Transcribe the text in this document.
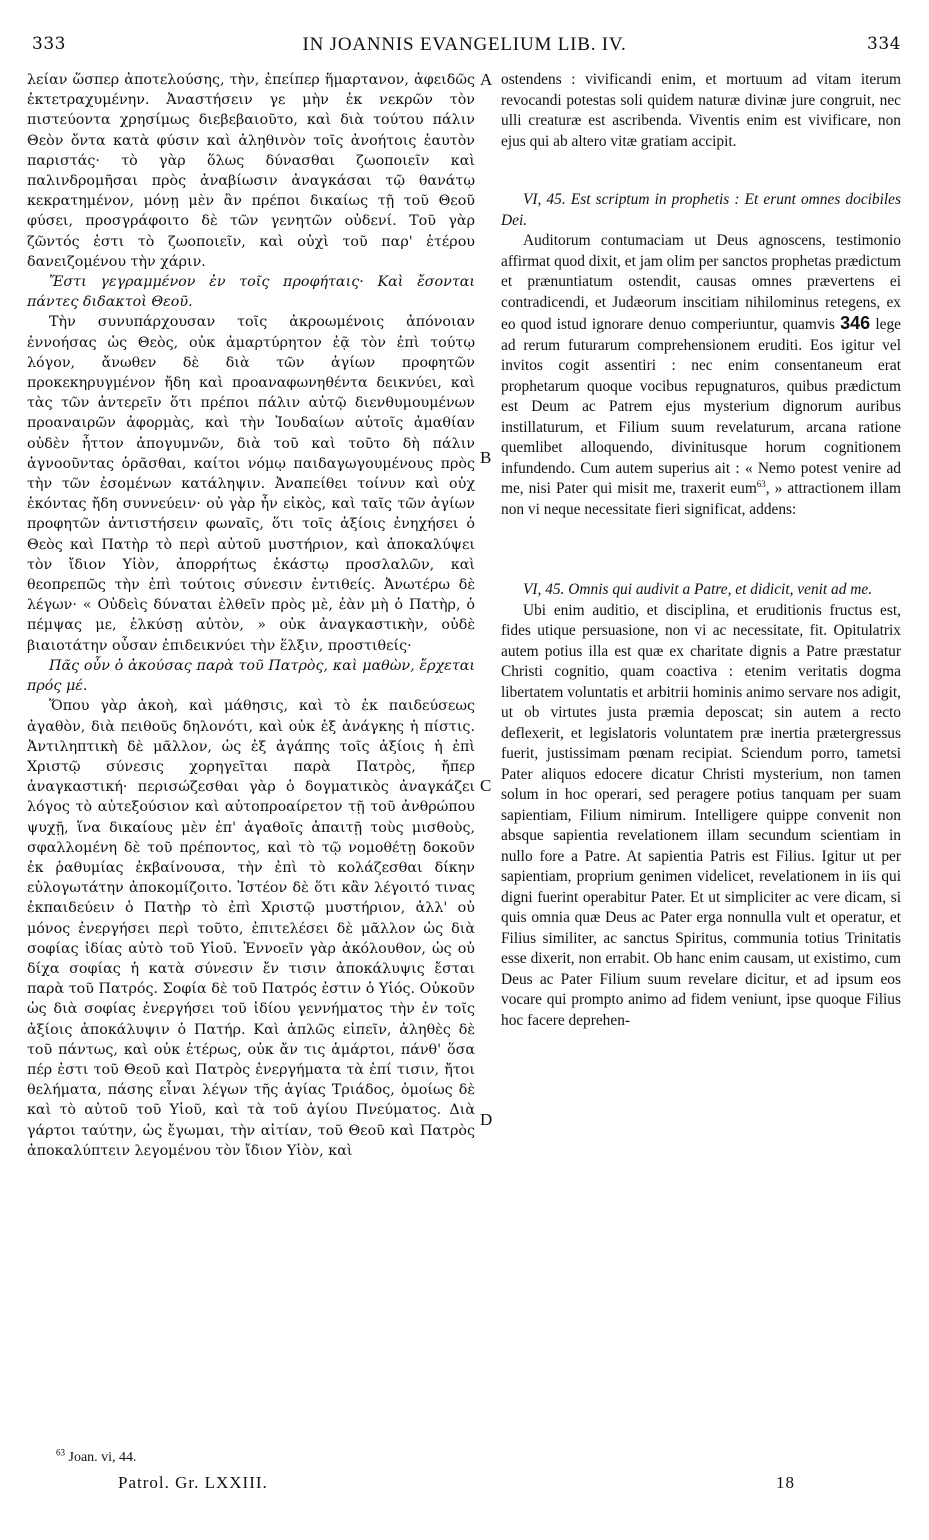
333	IN JOANNIS EVANGELIUM LIB. IV.	334

λείαν ὥσπερ ἀποτελούσης, τὴν, ἐπείπερ ἥμαρτανον, ἀφειδῶς ἐκτετραχυμένην. Ἀναστήσειν γε μὴν ἐκ νεκρῶν τὸν πιστεύοντα χρησίμως διεβεβαιοῦτο, καὶ διὰ τούτου πάλιν Θεὸν ὄντα κατὰ φύσιν καὶ ἀληθινὸν τοῖς ἀνοήτοις ἑαυτὸν παριστάς· τὸ γὰρ ὅλως δύνασθαι ζωοποιεῖν καὶ παλινδρομῆσαι πρὸς ἀναβίωσιν ἀναγκάσαι τῷ θανάτῳ κεκρατημένον, μόνῃ μὲν ἂν πρέποι δικαίως τῇ τοῦ Θεοῦ φύσει, προσγράφοιτο δὲ τῶν γενητῶν οὐδενί. Τοῦ γὰρ ζῶντός ἐστι τὸ ζωοποιεῖν, καὶ οὐχὶ τοῦ παρ' ἑτέρου δανειζομένου τὴν χάριν.

Ἔστι γεγραμμένον ἐν τοῖς προφήταις· Καὶ ἔσονται πάντες διδακτοὶ Θεοῦ.

Τὴν συνυπάρχουσαν τοῖς ἀκροωμένοις ἀπόνοιαν ἐννοήσας ὡς Θεὸς, οὐκ ἀμαρτύρητον ἐᾷ τὸν ἐπὶ τούτῳ λόγον, ἄνωθεν δὲ διὰ τῶν ἁγίων προφητῶν προκεκηρυγμένον ἤδη καὶ προαναφωνηθέντα δεικνύει, καὶ τὰς τῶν ἀντερεῖν ὅτι πρέποι πάλιν αὐτῷ διενθυμουμένων προαναιρῶν ἀφορμὰς, καὶ τὴν Ἰουδαίων αὐτοῖς ἀμαθίαν οὐδὲν ἧττον ἀπογυμνῶν, διὰ τοῦ καὶ τοῦτο δὴ πάλιν ἀγνοοῦντας ὁρᾶσθαι, καίτοι νόμῳ παιδαγωγουμένους πρὸς τὴν τῶν ἐσομένων κατάληψιν. Ἀναπείθει τοίνυν καὶ οὐχ ἑκόντας ἤδη συννεύειν· οὐ γὰρ ἦν εἰκὸς, καὶ ταῖς τῶν ἁγίων προφητῶν ἀντιστήσειν φωναῖς, ὅτι τοῖς ἀξίοις ἐνηχήσει ὁ Θεὸς καὶ Πατὴρ τὸ περὶ αὐτοῦ μυστήριον, καὶ ἀποκαλύψει τὸν ἴδιον Υἱὸν, ἀπορρήτως ἑκάστῳ προσλαλῶν, καὶ θεοπρεπῶς τὴν ἐπὶ τούτοις σύνεσιν ἐντιθείς. Ἀνωτέρω δὲ λέγων· « Οὐδεὶς δύναται ἐλθεῖν πρὸς μὲ, ἐὰν μὴ ὁ Πατὴρ, ὁ πέμψας με, ἑλκύσῃ αὐτὸν, » οὐκ ἀναγκαστικὴν, οὐδὲ βιαιοτάτην οὖσαν ἐπιδεικνύει τὴν ἕλξιν, προστιθείς·

Πᾶς οὖν ὁ ἀκούσας παρὰ τοῦ Πατρὸς, καὶ μαθὼν, ἔρχεται πρός μέ.

Ὅπου γὰρ ἀκοὴ, καὶ μάθησις, καὶ τὸ ἐκ παιδεύσεως ἀγαθὸν, διὰ πειθοῦς δηλονότι, καὶ οὐκ ἐξ ἀνάγκης ἡ πίστις. Ἀντιληπτικὴ δὲ μᾶλλον, ὡς ἐξ ἀγάπης τοῖς ἀξίοις ἡ ἐπὶ Χριστῷ σύνεσις χορηγεῖται παρὰ Πατρὸς, ἤπερ ἀναγκαστική· περισώζεσθαι γὰρ ὁ δογματικὸς ἀναγκάζει λόγος τὸ αὐτεξούσιον καὶ αὐτοπροαίρετον τῇ τοῦ ἀνθρώπου ψυχῇ, ἵνα δικαίους μὲν ἐπ' ἀγαθοῖς ἀπαιτῇ τοὺς μισθοὺς, σφαλλομένη δὲ τοῦ πρέποντος, καὶ τὸ τῷ νομοθέτῃ δοκοῦν ἐκ ῥαθυμίας ἐκβαίνουσα, τὴν ἐπὶ τὸ κολάζεσθαι δίκην εὐλογωτάτην ἀποκομίζοιτο. Ἰστέον δὲ ὅτι κἂν λέγοιτό τινας ἐκπαιδεύειν ὁ Πατὴρ τὸ ἐπὶ Χριστῷ μυστήριον, ἀλλ' οὐ μόνος ἐνεργήσει περὶ τοῦτο, ἐπιτελέσει δὲ μᾶλλον ὡς διὰ σοφίας ἰδίας αὐτὸ τοῦ Υἱοῦ. Ἐννοεῖν γὰρ ἀκόλουθον, ὡς οὐ δίχα σοφίας ἡ κατὰ σύνεσιν ἔν τισιν ἀποκάλυψις ἔσται παρὰ τοῦ Πατρός. Σοφία δὲ τοῦ Πατρός ἐστιν ὁ Υἱός. Οὐκοῦν ὡς διὰ σοφίας ἐνεργήσει τοῦ ἰδίου γεννήματος τὴν ἐν τοῖς ἀξίοις ἀποκάλυψιν ὁ Πατήρ. Καὶ ἁπλῶς εἰπεῖν, ἀληθὲς δὲ τοῦ πάντως, καὶ οὐκ ἑτέρως, οὐκ ἄν τις ἁμάρτοι, πάνθ' ὅσα πέρ ἐστι τοῦ Θεοῦ καὶ Πατρὸς ἐνεργήματα τὰ ἐπί τισιν, ἤτοι θελήματα, πάσης εἶναι λέγων τῆς ἁγίας Τριάδος, ὁμοίως δὲ καὶ τὸ αὐτοῦ τοῦ Υἱοῦ, καὶ τὰ τοῦ ἁγίου Πνεύματος. Διὰ γάρτοι ταύτην, ὡς ἔγωμαι, τὴν αἰτίαν, τοῦ Θεοῦ καὶ Πατρὸς ἀποκαλύπτειν λεγομένου τὸν ἴδιον Υἱὸν, καὶ

A
B
C
D

ostendens : vivificandi enim, et mortuum ad vitam iterum revocandi potestas soli quidem naturæ divinæ jure congruit, nec ulli creaturæ est ascribenda. Viventis enim est vivificare, non ejus qui ab altero vitæ gratiam accipit.

VI, 45. Est scriptum in prophetis : Et erunt omnes docibiles Dei.

Auditorum contumaciam ut Deus agnoscens, testimonio affirmat quod dixit, et jam olim per sanctos prophetas prædictum et prænuntiatum ostendit, causas omnes prævertens ei contradicendi, et Judæorum inscitiam nihilominus retegens, ex eo quod istud ignorare denuo comperiuntur, quamvis 346 lege ad rerum futurarum comprehensionem eruditi. Eos igitur vel invitos cogit assentiri : nec enim consentaneum erat prophetarum quoque vocibus repugnaturos, quibus prædictum est Deum ac Patrem ejus mysterium dignorum auribus instillaturum, et Filium suum revelaturum, arcana ratione quemlibet alloquendo, divinitusque horum cognitionem infundendo. Cum autem superius ait : « Nemo potest venire ad me, nisi Pater qui misit me, traxerit eum$^{63}$, » attractionem illam non vi neque necessitate fieri significat, addens:

VI, 45. Omnis qui audivit a Patre, et didicit, venit ad me.

Ubi enim auditio, et disciplina, et eruditionis fructus est, fides utique persuasione, non vi ac necessitate, fit. Opitulatrix autem potius illa est quæ ex charitate dignis a Patre præstatur Christi cognitio, quam coactiva : etenim veritatis dogma libertatem voluntatis et arbitrii hominis animo servare nos adigit, ut ob virtutes justa præmia deposcat; sin autem a recto deflexerit, et legislatoris voluntatem præ inertia prætergressus fuerit, justissimam pœnam recipiat. Sciendum porro, tametsi Pater aliquos edocere dicatur Christi mysterium, non tamen solum in hoc operari, sed peragere potius tanquam per suam sapientiam, Filium nimirum. Intelligere quippe convenit non absque sapientia revelationem illam secundum scientiam in nullo fore a Patre. At sapientia Patris est Filius. Igitur ut per sapientiam, proprium genimen videlicet, revelationem in iis qui digni fuerint operabitur Pater. Et ut simpliciter ac vere dicam, si quis omnia quæ Deus ac Pater erga nonnulla vult et operatur, et Filius similiter, ac sanctus Spiritus, communia totius Trinitatis esse dixerit, non errabit. Ob hanc enim causam, ut existimo, cum Deus ac Pater Filium suum revelare dicitur, et ad ipsum eos vocare qui prompto animo ad fidem veniunt, ipse quoque Filius hoc facere deprehen-

$^{63}$ Joan. vi, 44.
Patrol. Gr. LXXIII.	18
